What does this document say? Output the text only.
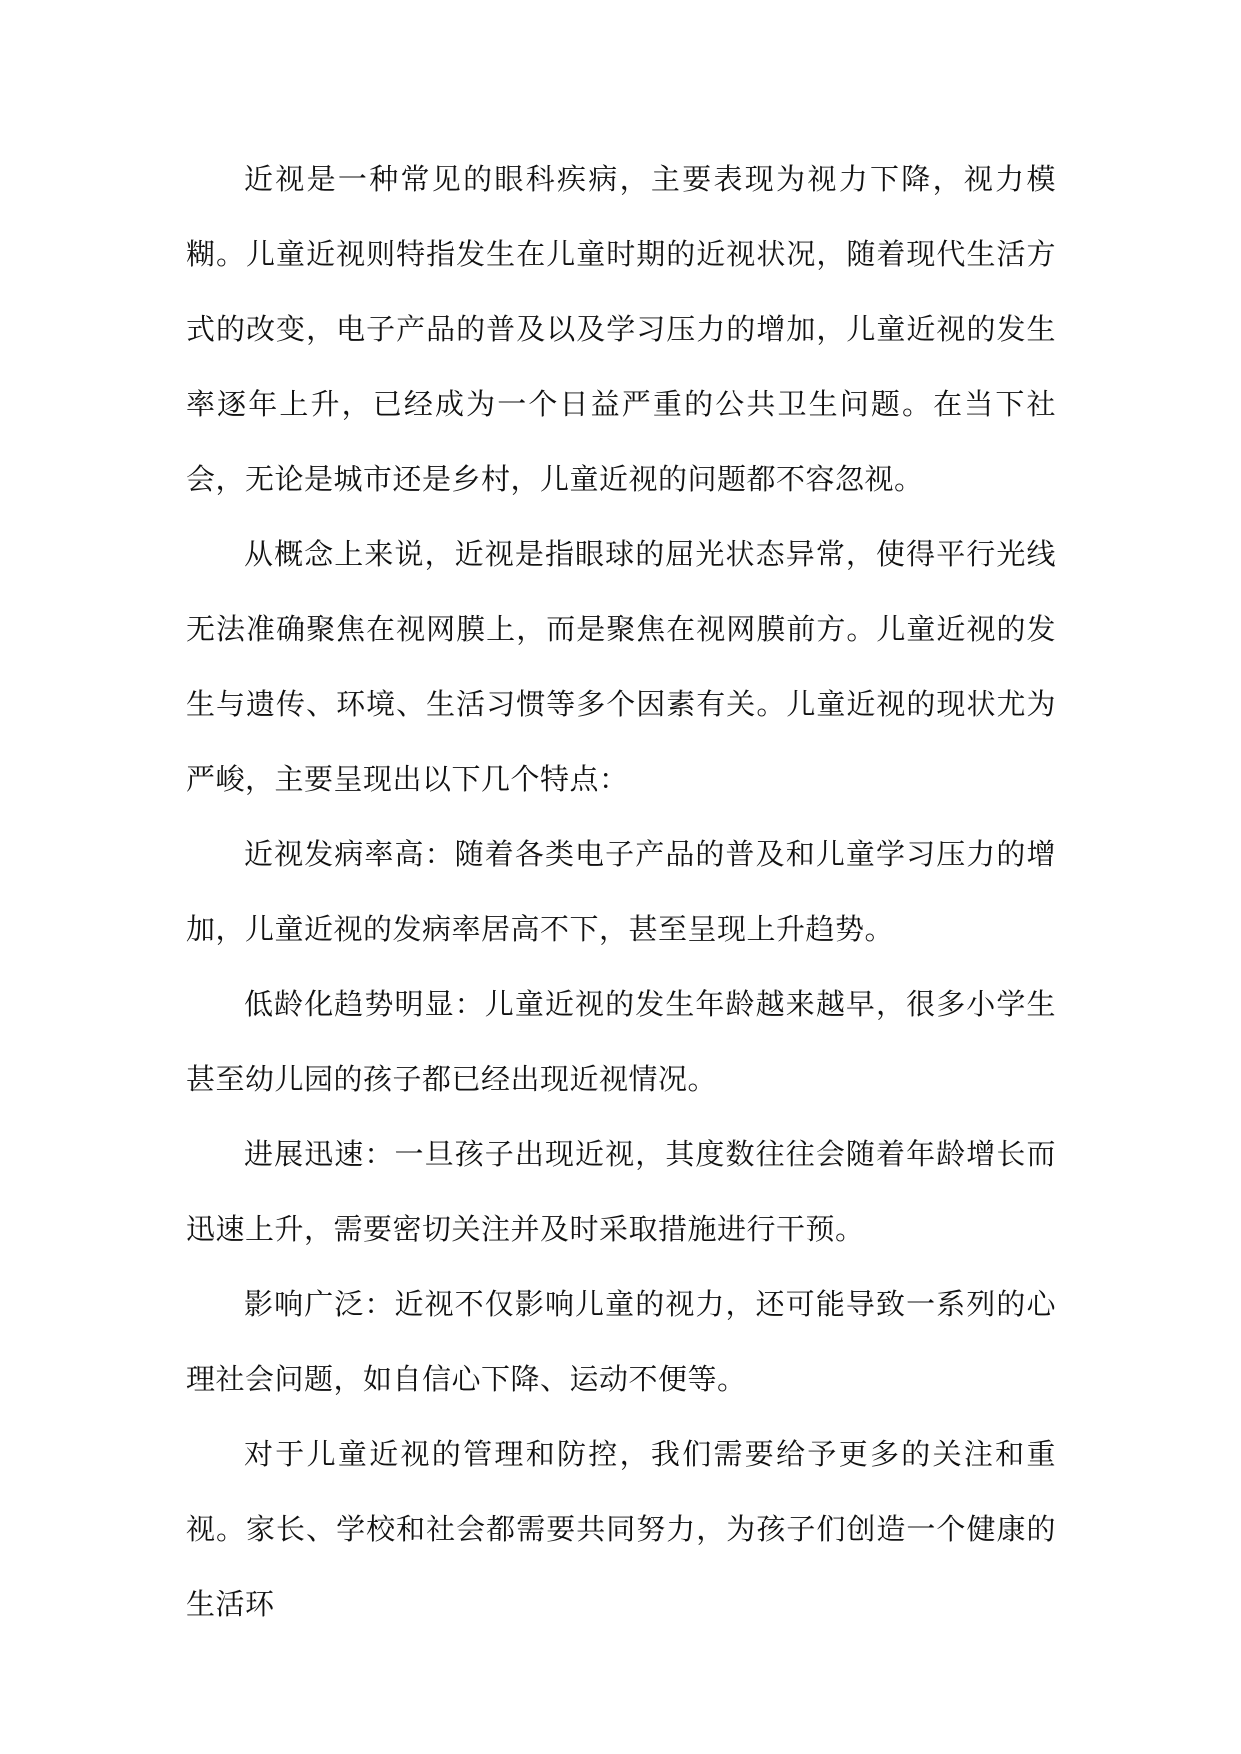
近视是一种常见的眼科疾病，主要表现为视力下降，视力模糊。儿童近视则特指发生在儿童时期的近视状况，随着现代生活方式的改变，电子产品的普及以及学习压力的增加，儿童近视的发生率逐年上升，已经成为一个日益严重的公共卫生问题。在当下社会，无论是城市还是乡村，儿童近视的问题都不容忽视。

从概念上来说，近视是指眼球的屈光状态异常，使得平行光线无法准确聚焦在视网膜上，而是聚焦在视网膜前方。儿童近视的发生与遗传、环境、生活习惯等多个因素有关。儿童近视的现状尤为严峻，主要呈现出以下几个特点：

近视发病率高：随着各类电子产品的普及和儿童学习压力的增加，儿童近视的发病率居高不下，甚至呈现上升趋势。

低龄化趋势明显：儿童近视的发生年龄越来越早，很多小学生甚至幼儿园的孩子都已经出现近视情况。

进展迅速：一旦孩子出现近视，其度数往往会随着年龄增长而迅速上升，需要密切关注并及时采取措施进行干预。

影响广泛：近视不仅影响儿童的视力，还可能导致一系列的心理社会问题，如自信心下降、运动不便等。

对于儿童近视的管理和防控，我们需要给予更多的关注和重视。家长、学校和社会都需要共同努力，为孩子们创造一个健康的生活环
